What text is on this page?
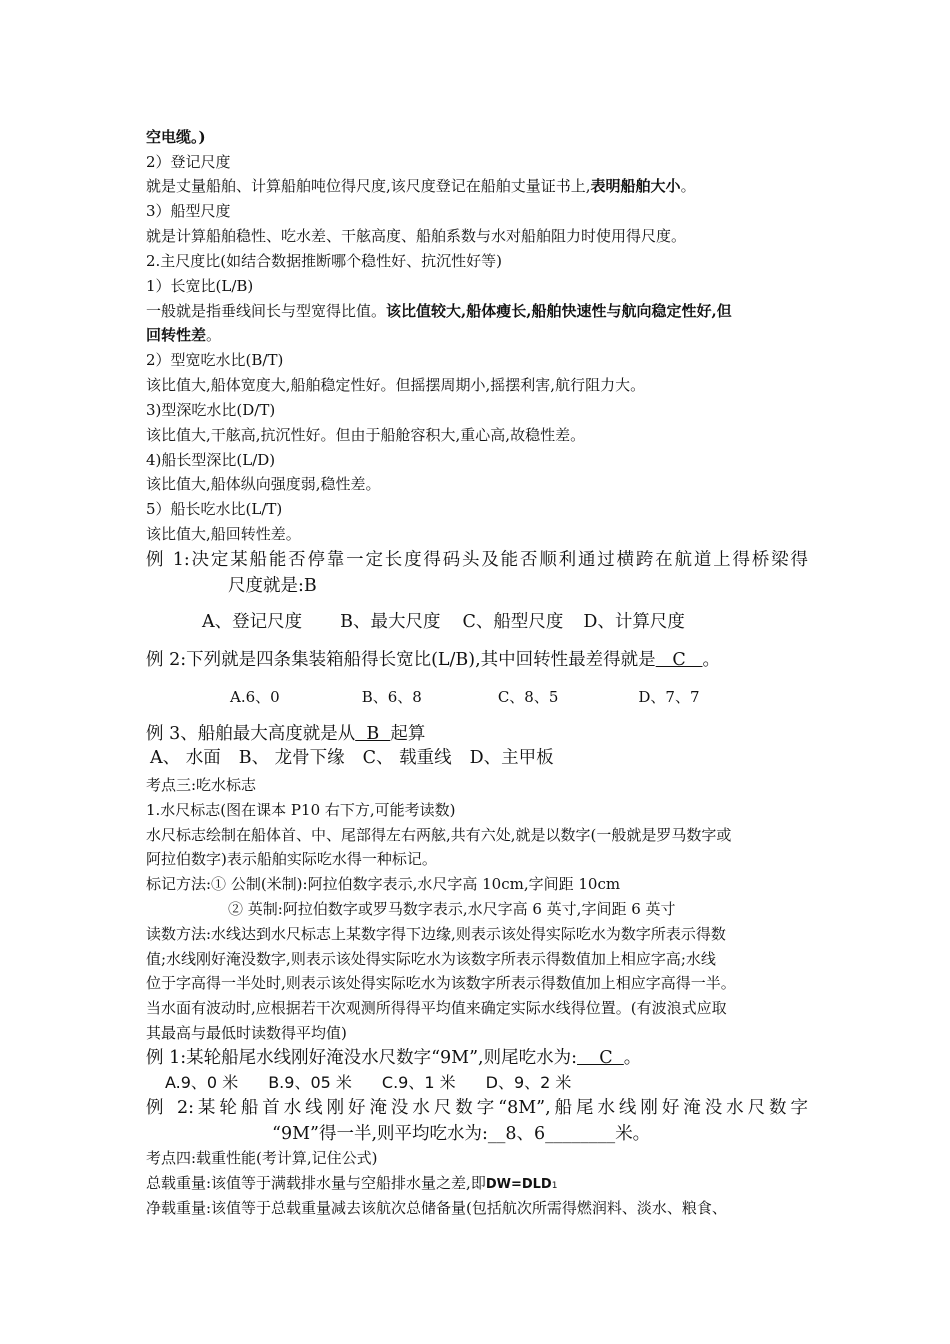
空电缆。)
2）登记尺度
就是丈量船舶、计算船舶吨位得尺度,该尺度登记在船舶丈量证书上,表明船舶大小。
3）船型尺度
就是计算船舶稳性、吃水差、干舷高度、船舶系数与水对船舶阻力时使用得尺度。
2.主尺度比(如结合数据推断哪个稳性好、抗沉性好等)
1）长宽比(L/B)
一般就是指垂线间长与型宽得比值。该比值较大,船体瘦长,船舶快速性与航向稳定性好,但
回转性差。
2）型宽吃水比(B/T)
该比值大,船体宽度大,船舶稳定性好。但摇摆周期小,摇摆利害,航行阻力大。
3)型深吃水比(D/T)
该比值大,干舷高,抗沉性好。但由于船舱容积大,重心高,故稳性差。
4)船长型深比(L/D)
该比值大,船体纵向强度弱,稳性差。
5）船长吃水比(L/T)
该比值大,船回转性差。
例 1:决定某船能否停靠一定长度得码头及能否顺利通过横跨在航道上得桥梁得
尺度就是:B
A、登记尺度 B、最大尺度 C、船型尺度 D、计算尺度
例 2:下列就是四条集装箱船得长宽比(L/B),其中回转性最差得就是   C   。
A.6、0	B、6、8	C、8、5	D、7、7
例 3、船舶最大高度就是从  B  起算
A、 水面 B、 龙骨下缘 C、 载重线 D、主甲板
考点三:吃水标志
1.水尺标志(图在课本 P10 右下方,可能考读数)
水尺标志绘制在船体首、中、尾部得左右两舷,共有六处,就是以数字(一般就是罗马数字或
阿拉伯数字)表示船舶实际吃水得一种标记。
标记方法:① 公制(米制):阿拉伯数字表示,水尺字高 10cm,字间距 10cm
② 英制:阿拉伯数字或罗马数字表示,水尺字高 6 英寸,字间距 6 英寸
读数方法:水线达到水尺标志上某数字得下边缘,则表示该处得实际吃水为数字所表示得数
值;水线刚好淹没数字,则表示该处得实际吃水为该数字所表示得数值加上相应字高;水线
位于字高得一半处时,则表示该处得实际吃水为该数字所表示得数值加上相应字高得一半。
当水面有波动时,应根据若干次观测所得得平均值来确定实际水线得位置。(有波浪式应取
其最高与最低时读数得平均值)
例 1:某轮船尾水线刚好淹没水尺数字“9M”,则尾吃水为:    C  。
A.9、0 米 B.9、05 米 C.9、1 米 D、9、2 米
例 2:某轮船首水线刚好淹没水尺数字“8M”,船尾水线刚好淹没水尺数字
“9M”得一半,则平均吃水为:__8、6________米。
考点四:载重性能(考计算,记住公式)
总载重量:该值等于满载排水量与空船排水量之差,即DW=DLD1
净载重量:该值等于总载重量减去该航次总储备量(包括航次所需得燃润料、淡水、粮食、
